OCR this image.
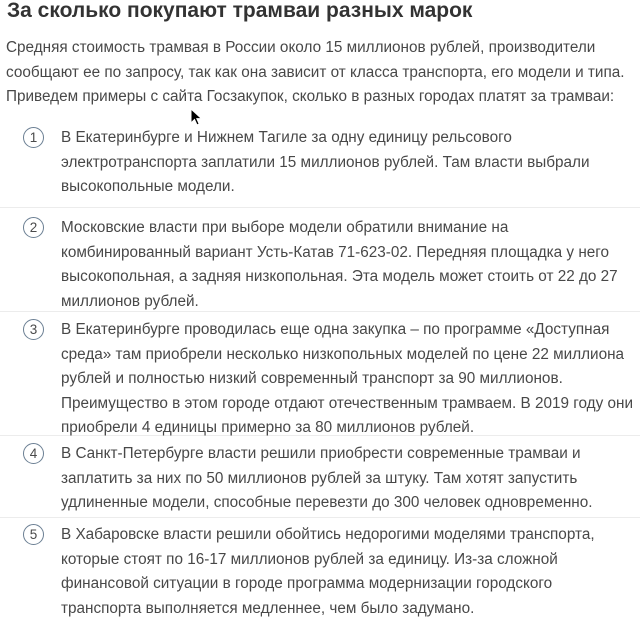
За сколько покупают трамваи разных марок

Средняя стоимость трамвая в России около 15 миллионов рублей, производители сообщают ее по запросу, так как она зависит от класса транспорта, его модели и типа. Приведем примеры с сайта Госзакупок, сколько в разных городах платят за трамваи:

1	В Екатеринбурге и Нижнем Тагиле за одну единицу рельсового электротранспорта заплатили 15 миллионов рублей. Там власти выбрали высокопольные модели.
2	Московские власти при выборе модели обратили внимание на комбинированный вариант Усть-Катав 71-623-02. Передняя площадка у него высокопольная, а задняя низкопольная. Эта модель может стоить от 22 до 27 миллионов рублей.
3	В Екатеринбурге проводилась еще одна закупка – по программе «Доступная среда» там приобрели несколько низкопольных моделей по цене 22 миллиона рублей и полностью низкий современный транспорт за 90 миллионов. Преимущество в этом городе отдают отечественным трамваем. В 2019 году они приобрели 4 единицы примерно за 80 миллионов рублей.
4	В Санкт-Петербурге власти решили приобрести современные трамваи и заплатить за них по 50 миллионов рублей за штуку. Там хотят запустить удлиненные модели, способные перевезти до 300 человек одновременно.
5	В Хабаровске власти решили обойтись недорогими моделями транспорта, которые стоят по 16-17 миллионов рублей за единицу. Из-за сложной финансовой ситуации в городе программа модернизации городского транспорта выполняется медленнее, чем было задумано.
